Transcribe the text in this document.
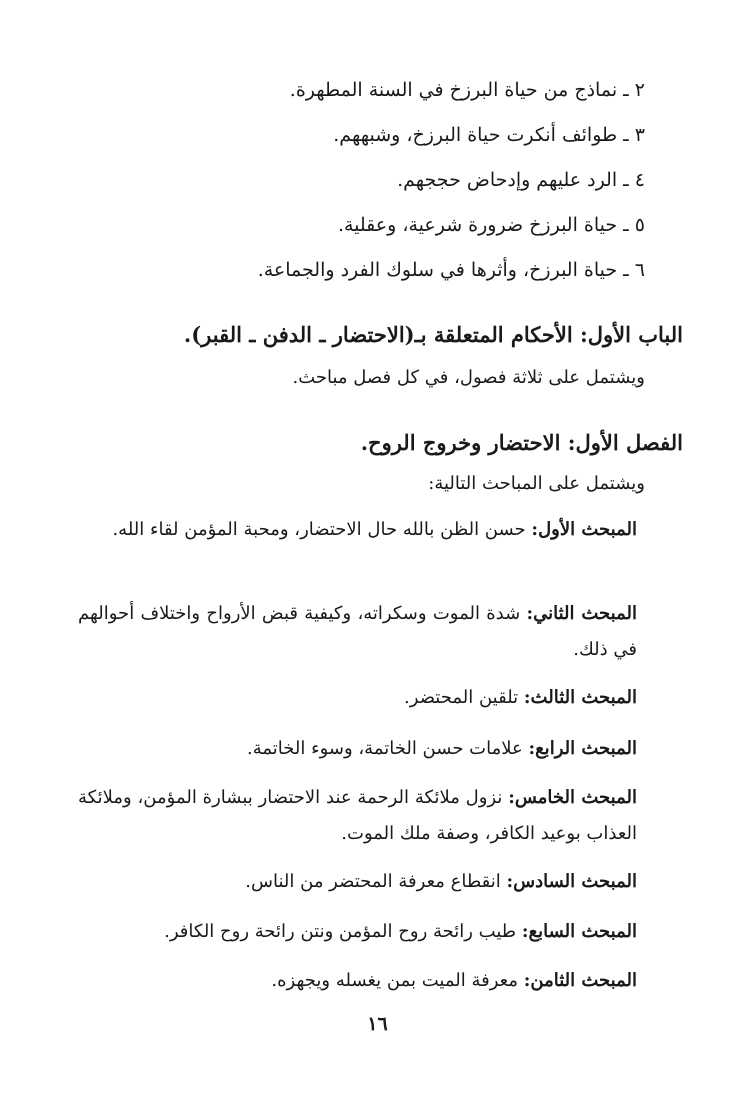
٢ ـ نماذج من حياة البرزخ في السنة المطهرة.
٣ ـ طوائف أنكرت حياة البرزخ، وشبههم.
٤ ـ الرد عليهم وإدحاض حججهم.
٥ ـ حياة البرزخ ضرورة شرعية، وعقلية.
٦ ـ حياة البرزخ، وأثرها في سلوك الفرد والجماعة.
الباب الأول: الأحكام المتعلقة بـ(الاحتضار ـ الدفن ـ القبر).
ويشتمل على ثلاثة فصول، في كل فصل مباحث.
الفصل الأول: الاحتضار وخروج الروح.
ويشتمل على المباحث التالية:
المبحث الأول: حسن الظن بالله حال الاحتضار، ومحبة المؤمن لقاء الله.
المبحث الثاني: شدة الموت وسكراته، وكيفية قبض الأرواح واختلاف أحوالهم في ذلك.
المبحث الثالث: تلقين المحتضر.
المبحث الرابع: علامات حسن الخاتمة، وسوء الخاتمة.
المبحث الخامس: نزول ملائكة الرحمة عند الاحتضار ببشارة المؤمن، وملائكة العذاب بوعيد الكافر، وصفة ملك الموت.
المبحث السادس: انقطاع معرفة المحتضر من الناس.
المبحث السابع: طيب رائحة روح المؤمن ونتن رائحة روح الكافر.
المبحث الثامن: معرفة الميت بمن يغسله ويجهزه.
١٦
